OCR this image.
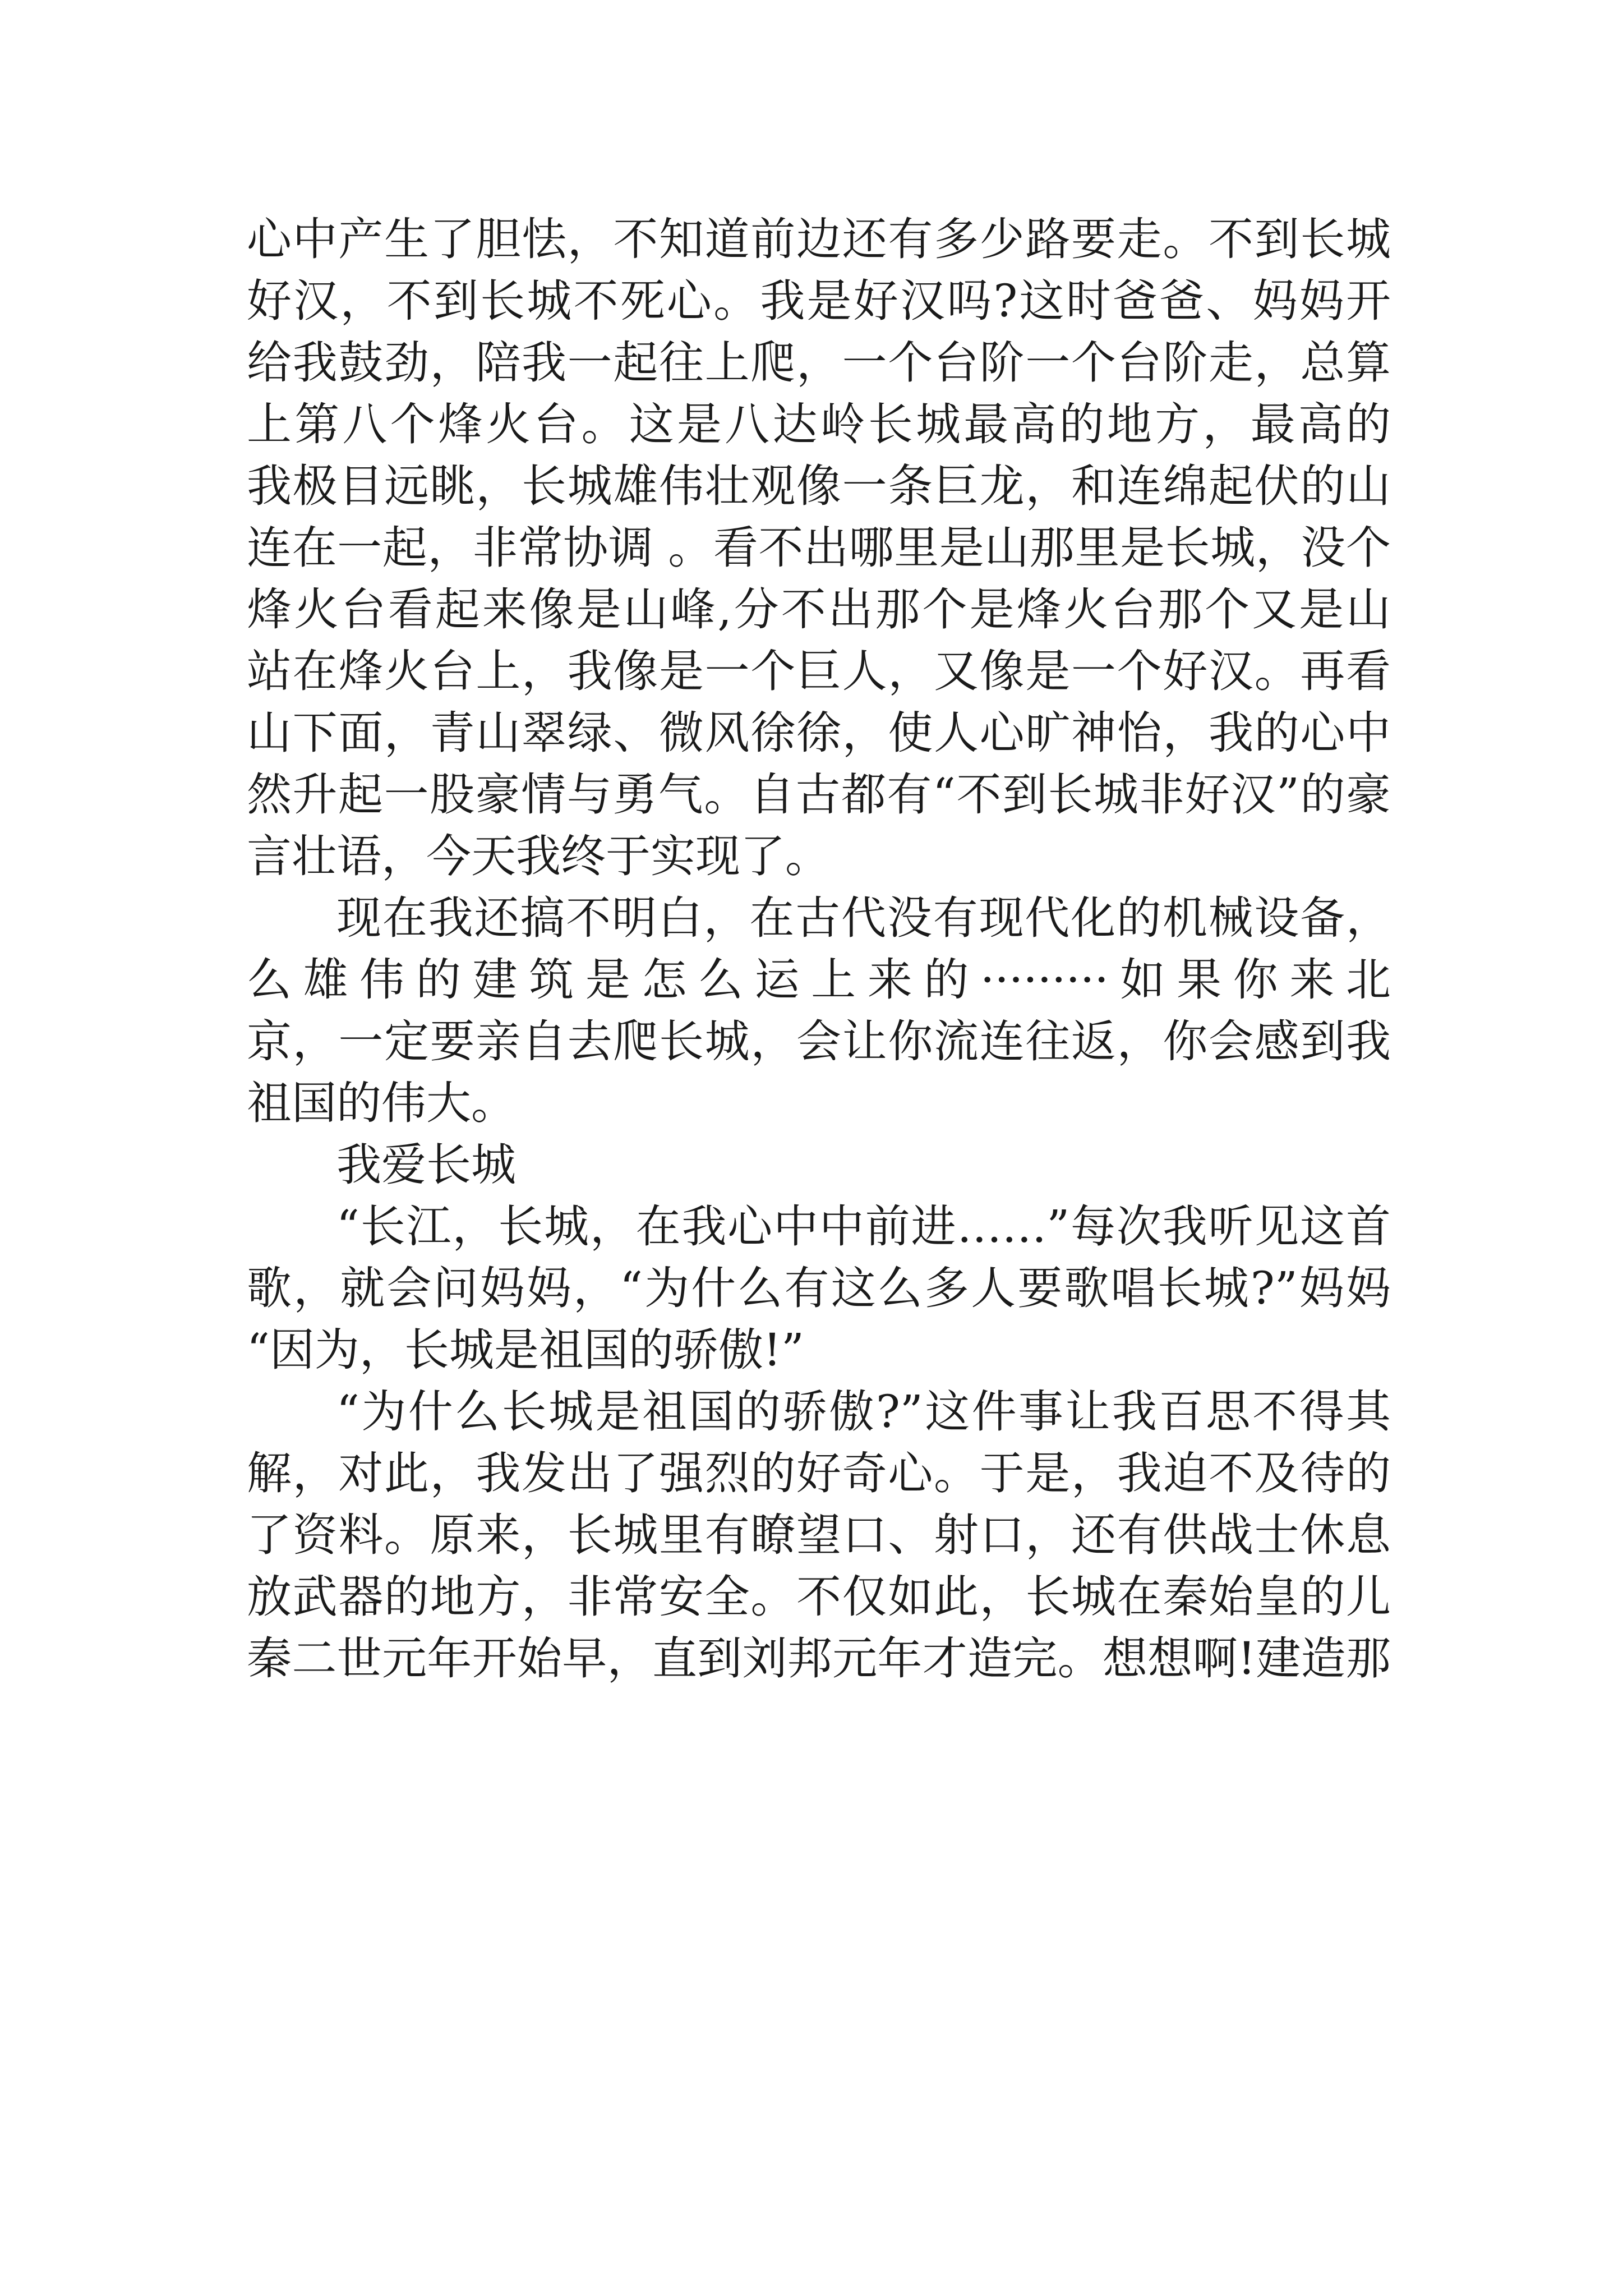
心中产生了胆怯，不知道前边还有多少路要走。不到长城
好汉，不到长城不死心。我是好汉吗?这时爸爸、妈妈开
给我鼓劲，陪我一起往上爬，一个台阶一个台阶走，总算
上第八个烽火台。这是八达岭长城最高的地方，最高的
我极目远眺，长城雄伟壮观像一条巨龙，和连绵起伏的山
连在一起，非常协调 。看不出哪里是山那里是长城，没个
烽火台看起来像是山峰,分不出那个是烽火台那个又是山
站在烽火台上，我像是一个巨人，又像是一个好汉。再看
山下面，青山翠绿、微风徐徐，使人心旷神怡，我的心中
然升起一股豪情与勇气。自古都有“不到长城非好汉”的豪
言壮语，今天我终于实现了。
现在我还搞不明白，在古代没有现代化的机械设备，
么雄伟的建筑是怎么运上来的·········如果你来北
京，一定要亲自去爬长城，会让你流连往返，你会感到我
祖国的伟大。
我爱长城
“长江，长城，在我心中中前进……”每次我听见这首
歌，就会问妈妈，“为什么有这么多人要歌唱长城?”妈妈
“因为，长城是祖国的骄傲!”
“为什么长城是祖国的骄傲?”这件事让我百思不得其
解，对此，我发出了强烈的好奇心。于是，我迫不及待的
了资料。原来，长城里有瞭望口、射口，还有供战士休息
放武器的地方，非常安全。不仅如此，长城在秦始皇的儿
秦二世元年开始早，直到刘邦元年才造完。想想啊!建造那
